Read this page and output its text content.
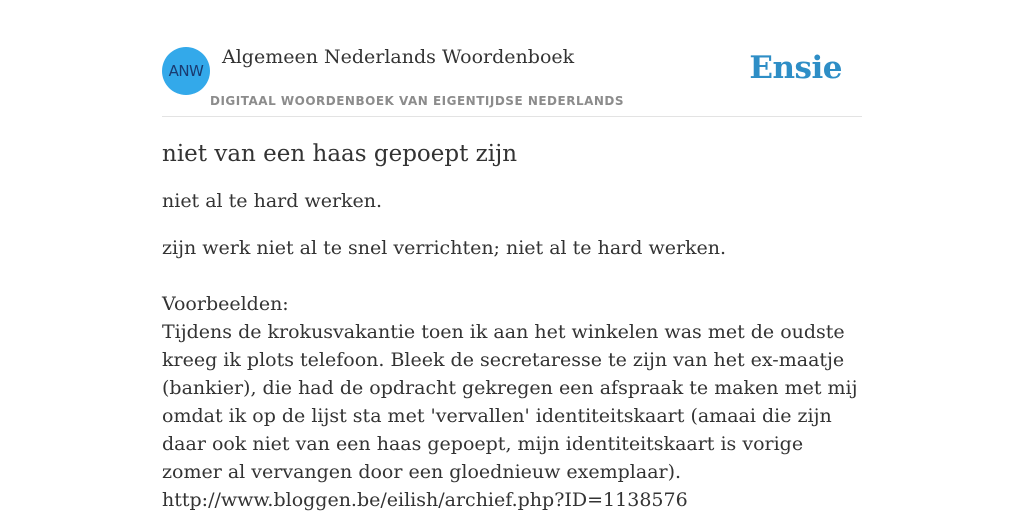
ANW
Algemeen Nederlands Woordenboek
DIGITAAL WOORDENBOEK VAN EIGENTIJDSE NEDERLANDS
Ensie
niet van een haas gepoept zijn

niet al te hard werken.

zijn werk niet al te snel verrichten; niet al te hard werken.

Voorbeelden:
Tijdens de krokusvakantie toen ik aan het winkelen was met de oudste kreeg ik plots telefoon. Bleek de secretaresse te zijn van het ex-maatje (bankier), die had de opdracht gekregen een afspraak te maken met mij omdat ik op de lijst sta met 'vervallen' identiteitskaart (amaai die zijn daar ook niet van een haas gepoept, mijn identiteitskaart is vorige zomer al vervangen door een gloednieuw exemplaar).
http://www.bloggen.be/eilish/archief.php?ID=1138576
